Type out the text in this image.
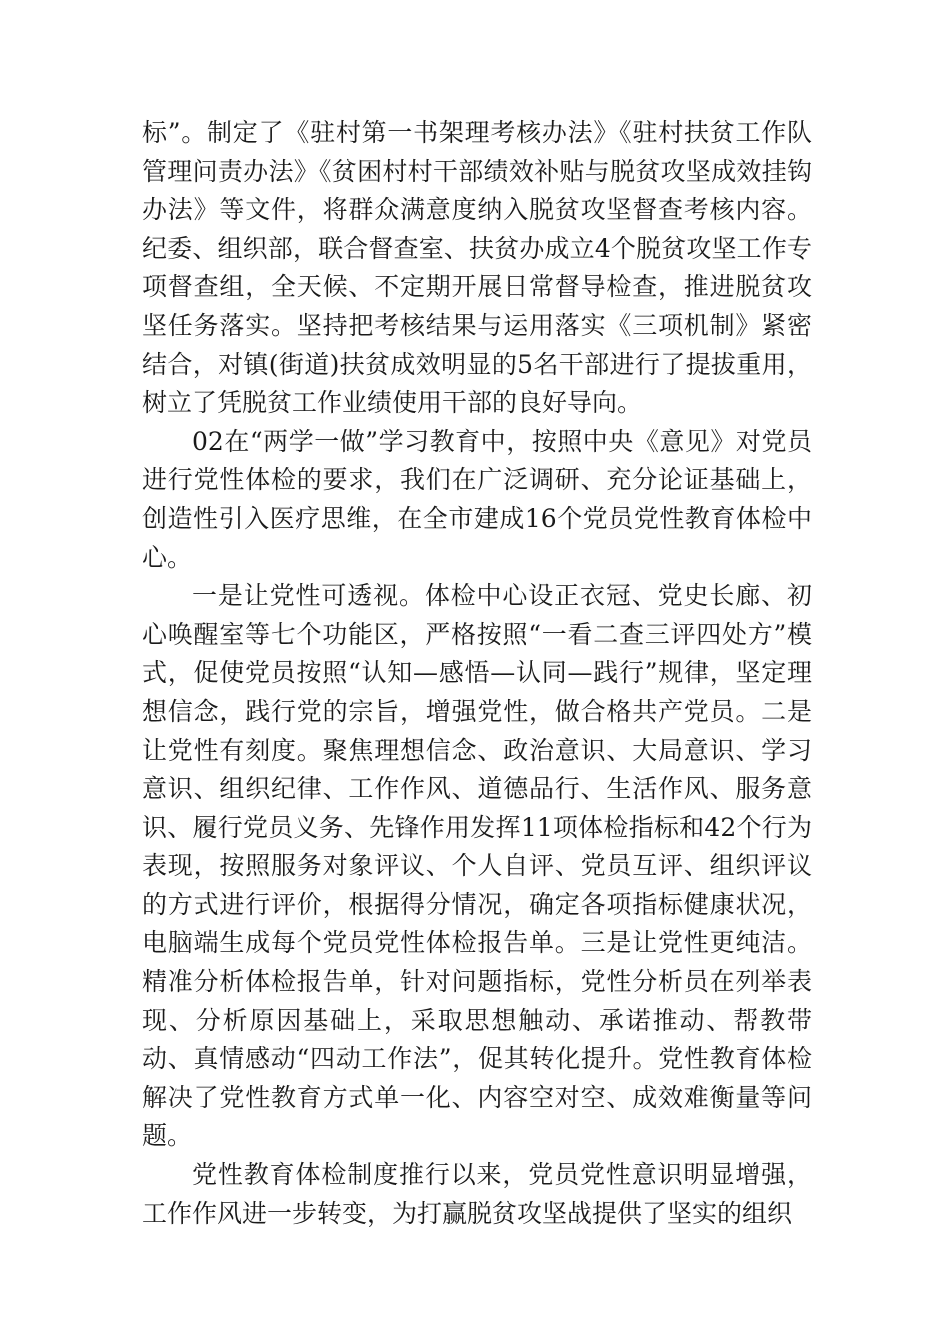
标”。制定了《驻村第一书架理考核办法》《驻村扶贫工作队管理问责办法》《贫困村村干部绩效补贴与脱贫攻坚成效挂钩办法》等文件，将群众满意度纳入脱贫攻坚督查考核内容。纪委、组织部，联合督查室、扶贫办成立4个脱贫攻坚工作专项督查组，全天候、不定期开展日常督导检查，推进脱贫攻坚任务落实。坚持把考核结果与运用落实《三项机制》紧密结合，对镇(街道)扶贫成效明显的5名干部进行了提拔重用，树立了凭脱贫工作业绩使用干部的良好导向。

02在“两学一做”学习教育中，按照中央《意见》对党员进行党性体检的要求，我们在广泛调研、充分论证基础上，创造性引入医疗思维，在全市建成16个党员党性教育体检中心。

一是让党性可透视。体检中心设正衣冠、党史长廊、初心唤醒室等七个功能区，严格按照“一看二查三评四处方”模式，促使党员按照“认知—感悟—认同—践行”规律，坚定理想信念，践行党的宗旨，增强党性，做合格共产党员。二是让党性有刻度。聚焦理想信念、政治意识、大局意识、学习意识、组织纪律、工作作风、道德品行、生活作风、服务意识、履行党员义务、先锋作用发挥11项体检指标和42个行为表现，按照服务对象评议、个人自评、党员互评、组织评议的方式进行评价，根据得分情况，确定各项指标健康状况，电脑端生成每个党员党性体检报告单。三是让党性更纯洁。精准分析体检报告单，针对问题指标，党性分析员在列举表现、分析原因基础上，采取思想触动、承诺推动、帮教带动、真情感动“四动工作法”，促其转化提升。党性教育体检解决了党性教育方式单一化、内容空对空、成效难衡量等问题。

党性教育体检制度推行以来，党员党性意识明显增强，工作作风进一步转变，为打赢脱贫攻坚战提供了坚实的组织
